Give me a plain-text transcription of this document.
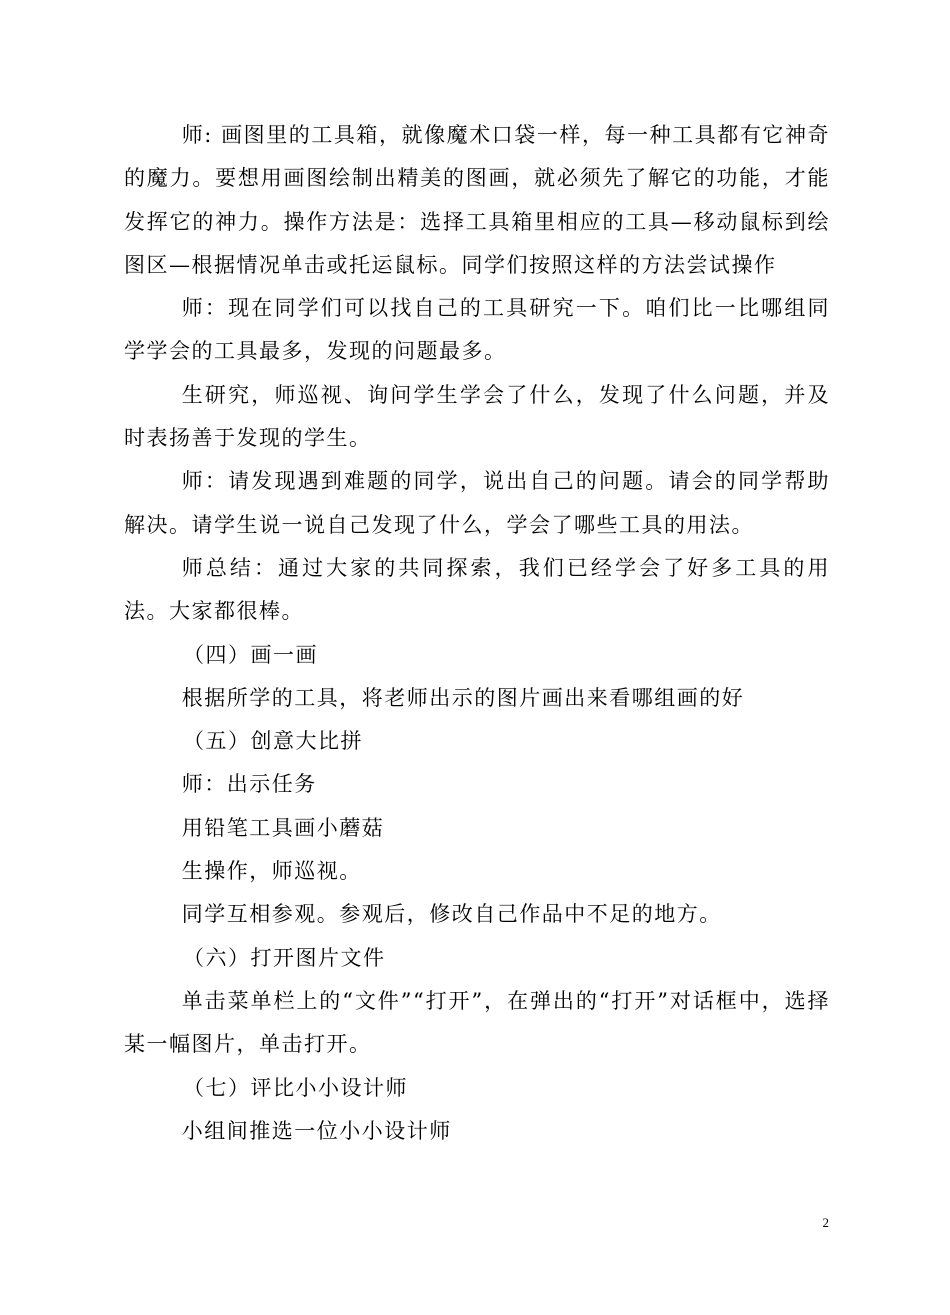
师: 画图里的工具箱，就像魔术口袋一样，每一种工具都有它神奇的魔力。要想用画图绘制出精美的图画，就必须先了解它的功能，才能发挥它的神力。操作方法是：选择工具箱里相应的工具—移动鼠标到绘图区—根据情况单击或托运鼠标。同学们按照这样的方法尝试操作

师：现在同学们可以找自己的工具研究一下。咱们比一比哪组同学学会的工具最多，发现的问题最多。

生研究，师巡视、询问学生学会了什么，发现了什么问题，并及时表扬善于发现的学生。

师：请发现遇到难题的同学，说出自己的问题。请会的同学帮助解决。请学生说一说自己发现了什么，学会了哪些工具的用法。

师总结：通过大家的共同探索，我们已经学会了好多工具的用法。大家都很棒。

（四）画一画

根据所学的工具，将老师出示的图片画出来看哪组画的好

（五）创意大比拼

师：出示任务

用铅笔工具画小蘑菇

生操作，师巡视。

同学互相参观。参观后，修改自己作品中不足的地方。

（六）打开图片文件

单击菜单栏上的“文件”“打开”，在弹出的“打开”对话框中，选择某一幅图片，单击打开。

（七）评比小小设计师

小组间推选一位小小设计师

2
